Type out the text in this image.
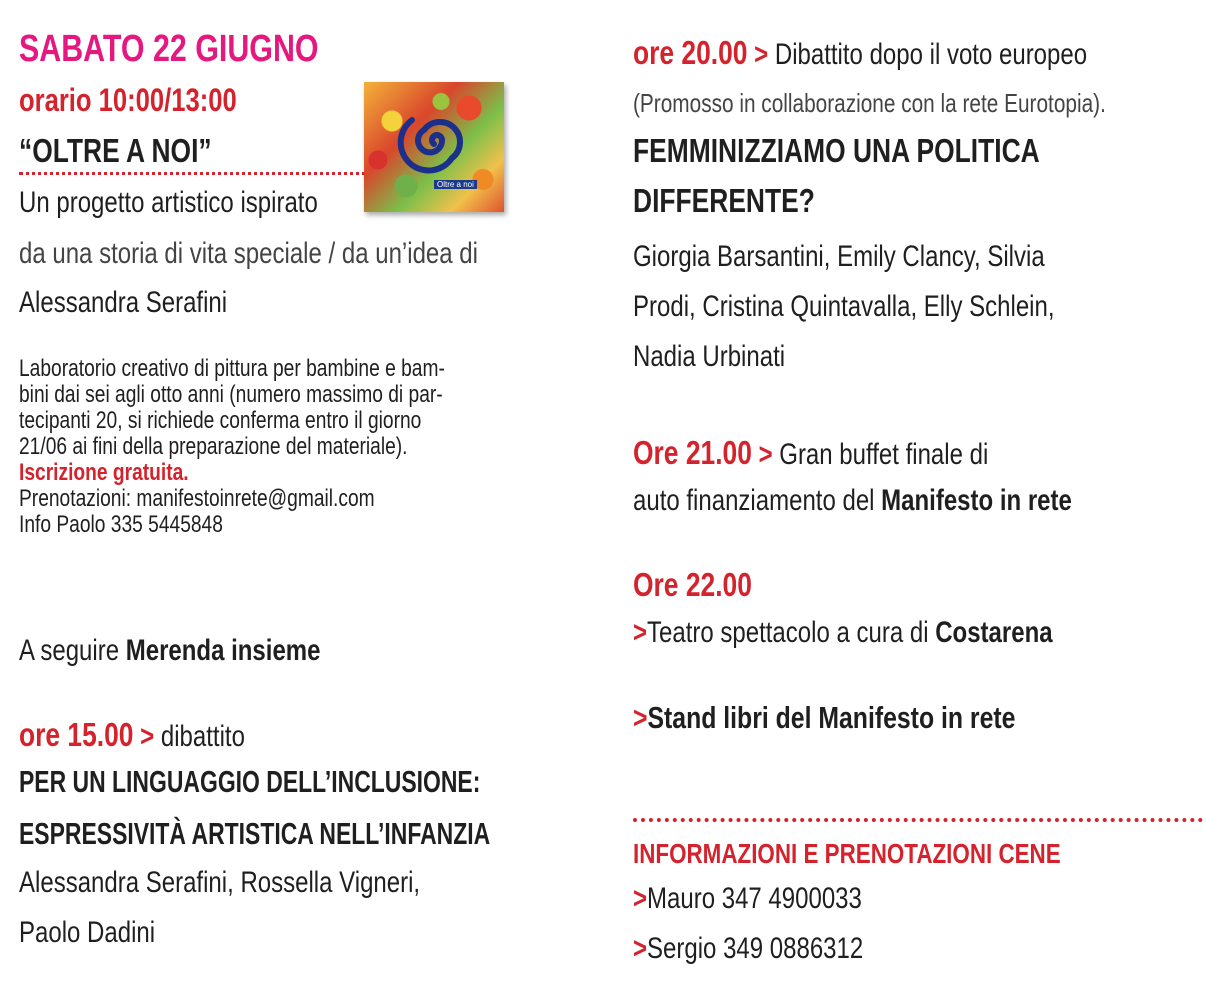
SABATO 22 GIUGNO
orario 10:00/13:00
“OLTRE A NOI”
Oltre a noi
Un progetto artistico ispirato
da una storia di vita speciale / da un’idea di
Alessandra Serafini
Laboratorio creativo di pittura per bambine e bam-
bini dai sei agli otto anni (numero massimo di par-
tecipanti 20, si richiede conferma entro il giorno
21/06 ai fini della preparazione del materiale).
Iscrizione gratuita.
Prenotazioni: manifestoinrete@gmail.com
Info Paolo 335 5445848
A seguire Merenda insieme
ore 15.00 > dibattito
PER UN LINGUAGGIO DELL’INCLUSIONE:
ESPRESSIVITÀ ARTISTICA NELL’INFANZIA
Alessandra Serafini, Rossella Vigneri,
Paolo Dadini
ore 20.00 > Dibattito dopo il voto europeo
(Promosso in collaborazione con la rete Eurotopia).
FEMMINIZZIAMO UNA POLITICA
DIFFERENTE?
Giorgia Barsantini, Emily Clancy, Silvia
Prodi, Cristina Quintavalla, Elly Schlein,
Nadia Urbinati
Ore 21.00 > Gran buffet finale di
auto finanziamento del Manifesto in rete
Ore 22.00
>Teatro spettacolo a cura di Costarena
>Stand libri del Manifesto in rete
INFORMAZIONI E PRENOTAZIONI CENE
>Mauro 347 4900033
>Sergio 349 0886312
